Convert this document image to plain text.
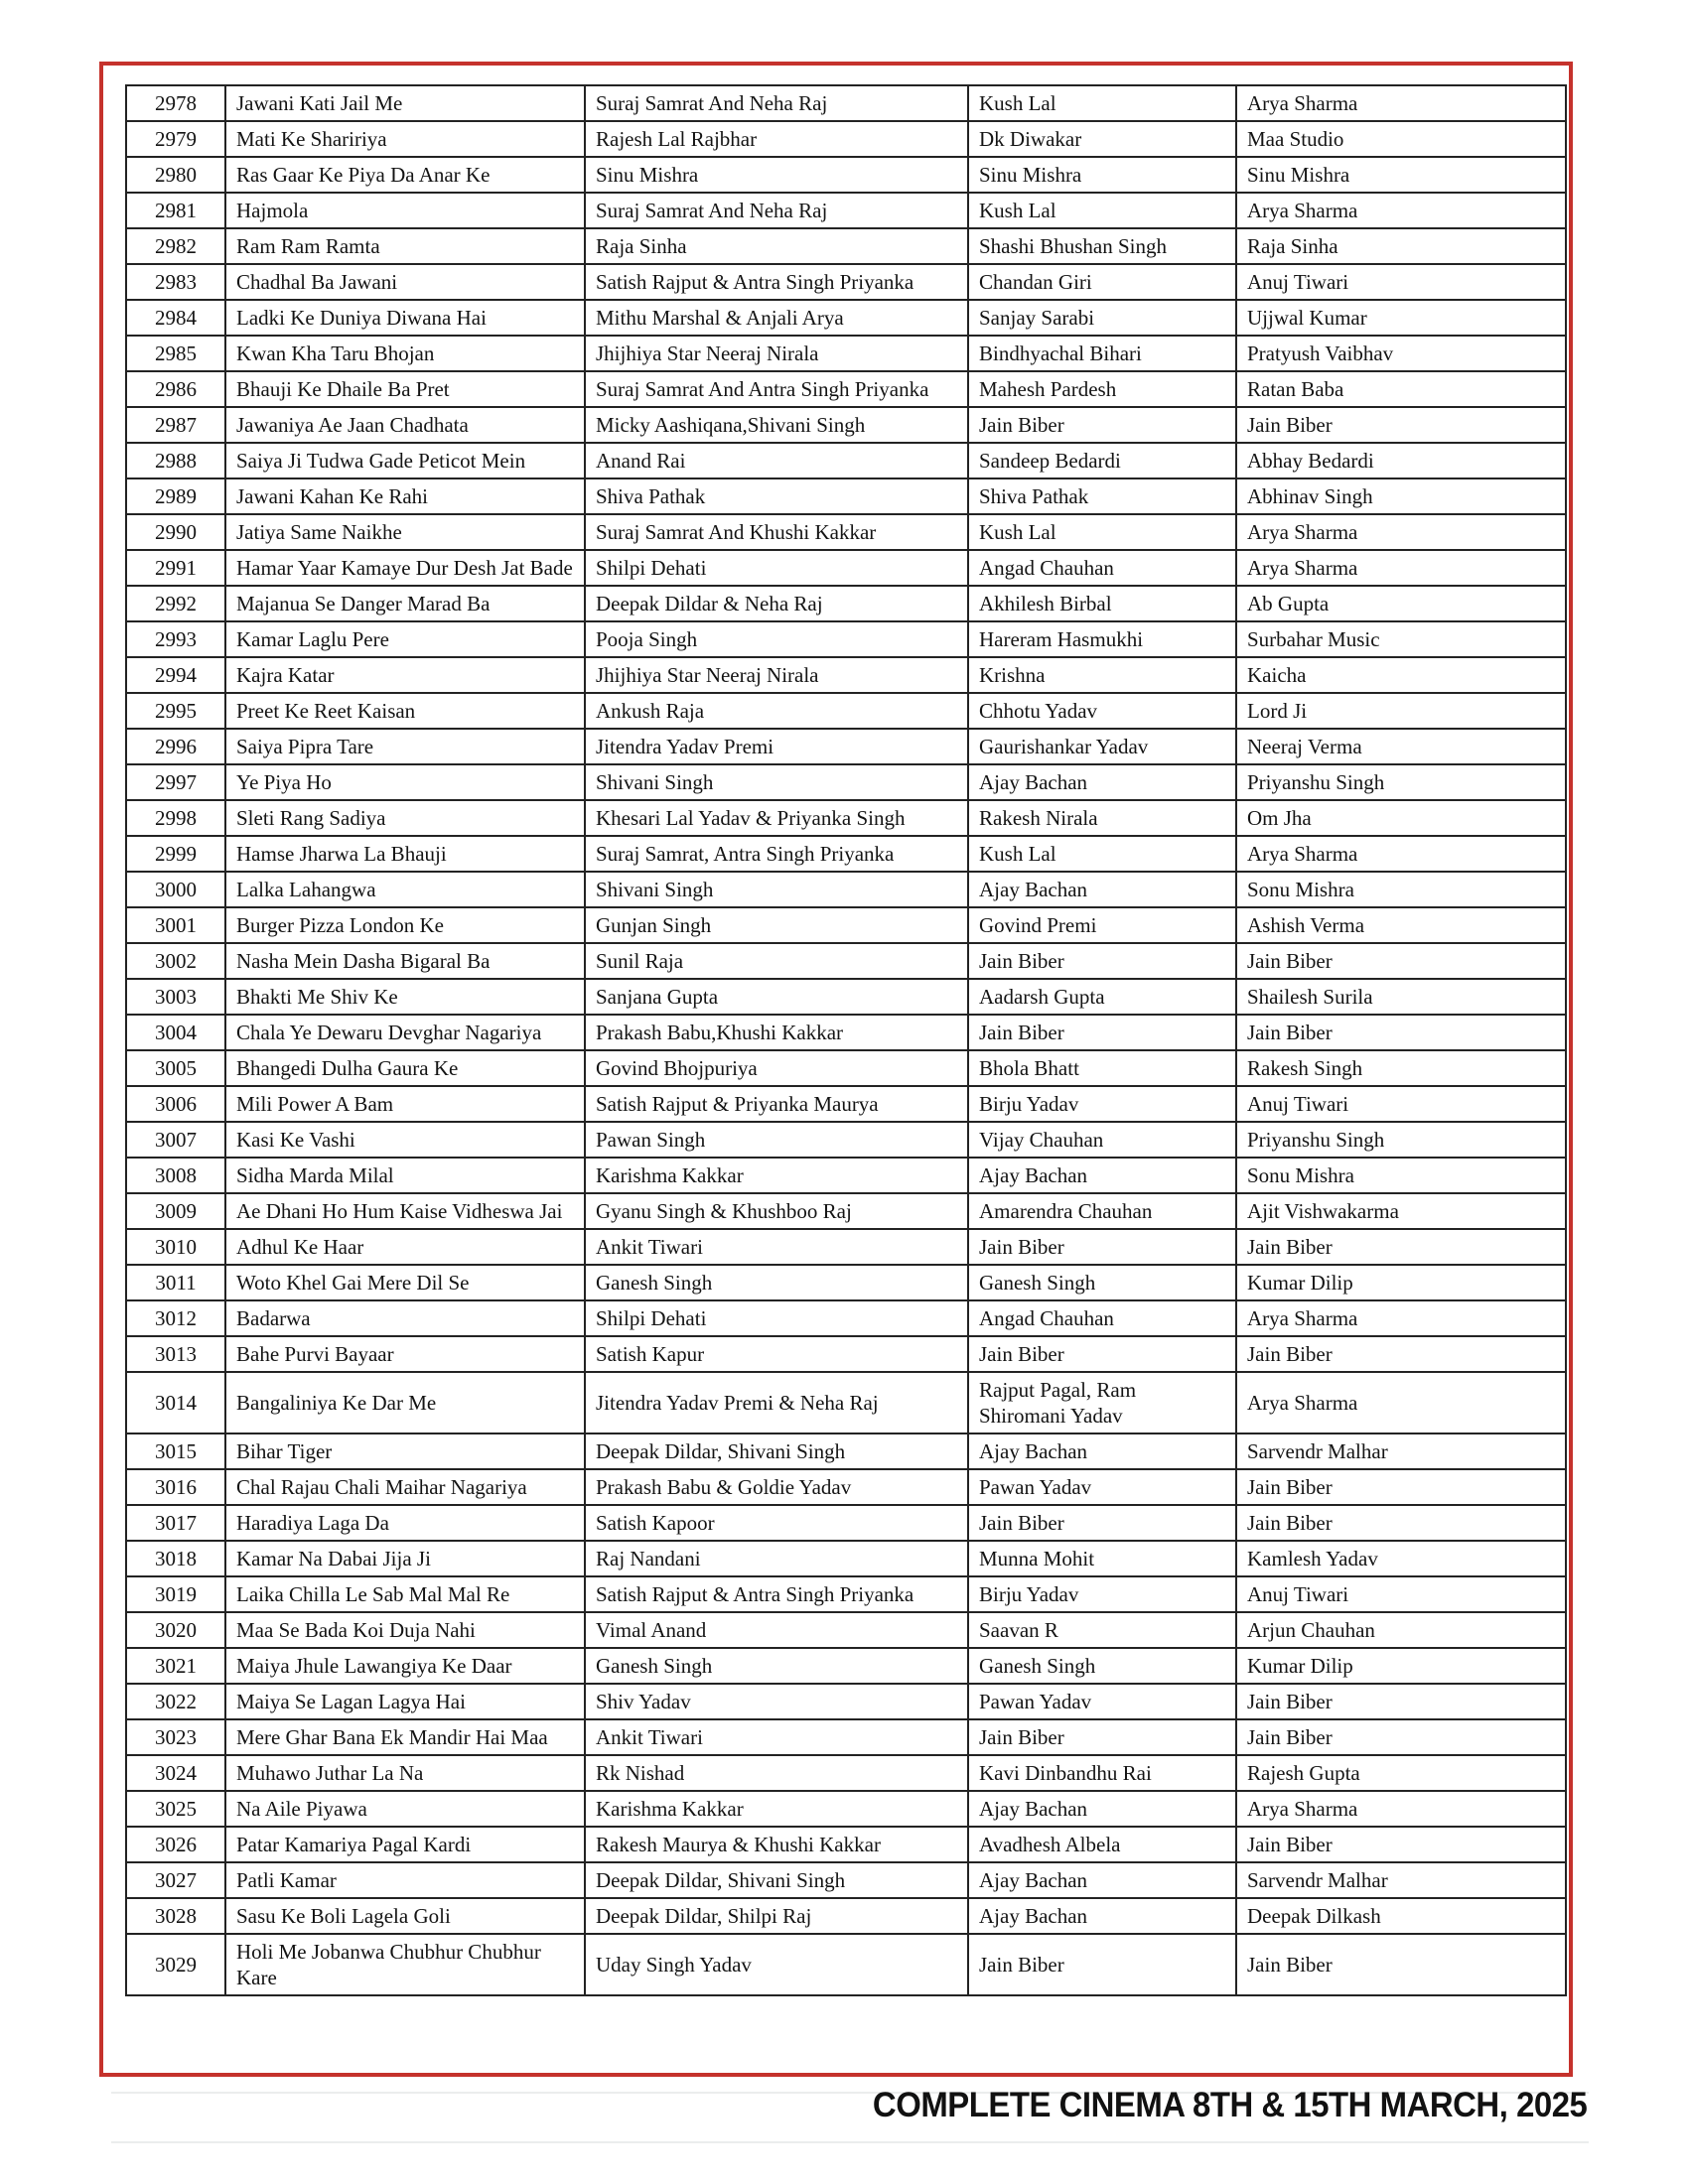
2978	Jawani Kati Jail Me	Suraj Samrat And Neha Raj	Kush Lal	Arya Sharma
2979	Mati Ke Shaririya	Rajesh Lal Rajbhar	Dk Diwakar	Maa Studio
2980	Ras Gaar Ke Piya Da Anar Ke	Sinu Mishra	Sinu Mishra	Sinu Mishra
2981	Hajmola	Suraj Samrat And Neha Raj	Kush Lal	Arya Sharma
2982	Ram Ram Ramta	Raja Sinha	Shashi Bhushan Singh	Raja Sinha
2983	Chadhal Ba Jawani	Satish Rajput & Antra Singh Priyanka	Chandan Giri	Anuj Tiwari
2984	Ladki Ke Duniya Diwana Hai	Mithu Marshal & Anjali Arya	Sanjay Sarabi	Ujjwal Kumar
2985	Kwan Kha Taru Bhojan	Jhijhiya Star Neeraj Nirala	Bindhyachal Bihari	Pratyush Vaibhav
2986	Bhauji Ke Dhaile Ba Pret	Suraj Samrat And Antra Singh Priyanka	Mahesh Pardesh	Ratan Baba
2987	Jawaniya Ae Jaan Chadhata	Micky Aashiqana,Shivani Singh	Jain Biber	Jain Biber
2988	Saiya Ji Tudwa Gade Peticot Mein	Anand Rai	Sandeep Bedardi	Abhay Bedardi
2989	Jawani Kahan Ke Rahi	Shiva Pathak	Shiva Pathak	Abhinav Singh
2990	Jatiya Same Naikhe	Suraj Samrat And Khushi Kakkar	Kush Lal	Arya Sharma
2991	Hamar Yaar Kamaye Dur Desh Jat Bade	Shilpi Dehati	Angad Chauhan	Arya Sharma
2992	Majanua Se Danger Marad Ba	Deepak Dildar & Neha Raj	Akhilesh Birbal	Ab Gupta
2993	Kamar Laglu Pere	Pooja Singh	Hareram Hasmukhi	Surbahar Music
2994	Kajra Katar	Jhijhiya Star Neeraj Nirala	Krishna	Kaicha
2995	Preet Ke Reet Kaisan	Ankush Raja	Chhotu Yadav	Lord Ji
2996	Saiya Pipra Tare	Jitendra Yadav Premi	Gaurishankar Yadav	Neeraj Verma
2997	Ye Piya Ho	Shivani Singh	Ajay Bachan	Priyanshu Singh
2998	Sleti Rang Sadiya	Khesari Lal Yadav & Priyanka Singh	Rakesh Nirala	Om Jha
2999	Hamse Jharwa La Bhauji	Suraj Samrat, Antra Singh Priyanka	Kush Lal	Arya Sharma
3000	Lalka Lahangwa	Shivani Singh	Ajay Bachan	Sonu Mishra
3001	Burger Pizza London Ke	Gunjan Singh	Govind Premi	Ashish Verma
3002	Nasha Mein Dasha Bigaral Ba	Sunil Raja	Jain Biber	Jain Biber
3003	Bhakti Me Shiv Ke	Sanjana Gupta	Aadarsh Gupta	Shailesh Surila
3004	Chala Ye Dewaru Devghar Nagariya	Prakash Babu,Khushi Kakkar	Jain Biber	Jain Biber
3005	Bhangedi Dulha Gaura Ke	Govind Bhojpuriya	Bhola Bhatt	Rakesh Singh
3006	Mili Power A Bam	Satish Rajput & Priyanka Maurya	Birju Yadav	Anuj Tiwari
3007	Kasi Ke Vashi	Pawan Singh	Vijay Chauhan	Priyanshu Singh
3008	Sidha Marda Milal	Karishma Kakkar	Ajay Bachan	Sonu Mishra
3009	Ae Dhani Ho Hum Kaise Vidheswa Jai	Gyanu Singh & Khushboo Raj	Amarendra Chauhan	Ajit Vishwakarma
3010	Adhul Ke Haar	Ankit Tiwari	Jain Biber	Jain Biber
3011	Woto Khel Gai Mere Dil Se	Ganesh Singh	Ganesh Singh	Kumar Dilip
3012	Badarwa	Shilpi Dehati	Angad Chauhan	Arya Sharma
3013	Bahe Purvi Bayaar	Satish Kapur	Jain Biber	Jain Biber
3014	Bangaliniya Ke Dar Me	Jitendra Yadav Premi & Neha Raj	Rajput Pagal, Ram Shiromani Yadav	Arya Sharma
3015	Bihar Tiger	Deepak Dildar, Shivani Singh	Ajay Bachan	Sarvendr Malhar
3016	Chal Rajau Chali Maihar Nagariya	Prakash Babu & Goldie Yadav	Pawan Yadav	Jain Biber
3017	Haradiya Laga Da	Satish Kapoor	Jain Biber	Jain Biber
3018	Kamar Na Dabai Jija Ji	Raj Nandani	Munna Mohit	Kamlesh Yadav
3019	Laika Chilla Le Sab Mal Mal Re	Satish Rajput & Antra Singh Priyanka	Birju Yadav	Anuj Tiwari
3020	Maa Se Bada Koi Duja Nahi	Vimal Anand	Saavan R	Arjun Chauhan
3021	Maiya Jhule Lawangiya Ke Daar	Ganesh Singh	Ganesh Singh	Kumar Dilip
3022	Maiya Se Lagan Lagya Hai	Shiv Yadav	Pawan Yadav	Jain Biber
3023	Mere Ghar Bana Ek Mandir Hai Maa	Ankit Tiwari	Jain Biber	Jain Biber
3024	Muhawo Juthar La Na	Rk Nishad	Kavi Dinbandhu Rai	Rajesh Gupta
3025	Na Aile Piyawa	Karishma Kakkar	Ajay Bachan	Arya Sharma
3026	Patar Kamariya Pagal Kardi	Rakesh Maurya & Khushi Kakkar	Avadhesh Albela	Jain Biber
3027	Patli Kamar	Deepak Dildar, Shivani Singh	Ajay Bachan	Sarvendr Malhar
3028	Sasu Ke Boli Lagela Goli	Deepak Dildar, Shilpi Raj	Ajay Bachan	Deepak Dilkash
3029	Holi Me Jobanwa Chubhur Chubhur Kare	Uday Singh Yadav	Jain Biber	Jain Biber
COMPLETE CINEMA 8TH & 15TH MARCH, 2025
